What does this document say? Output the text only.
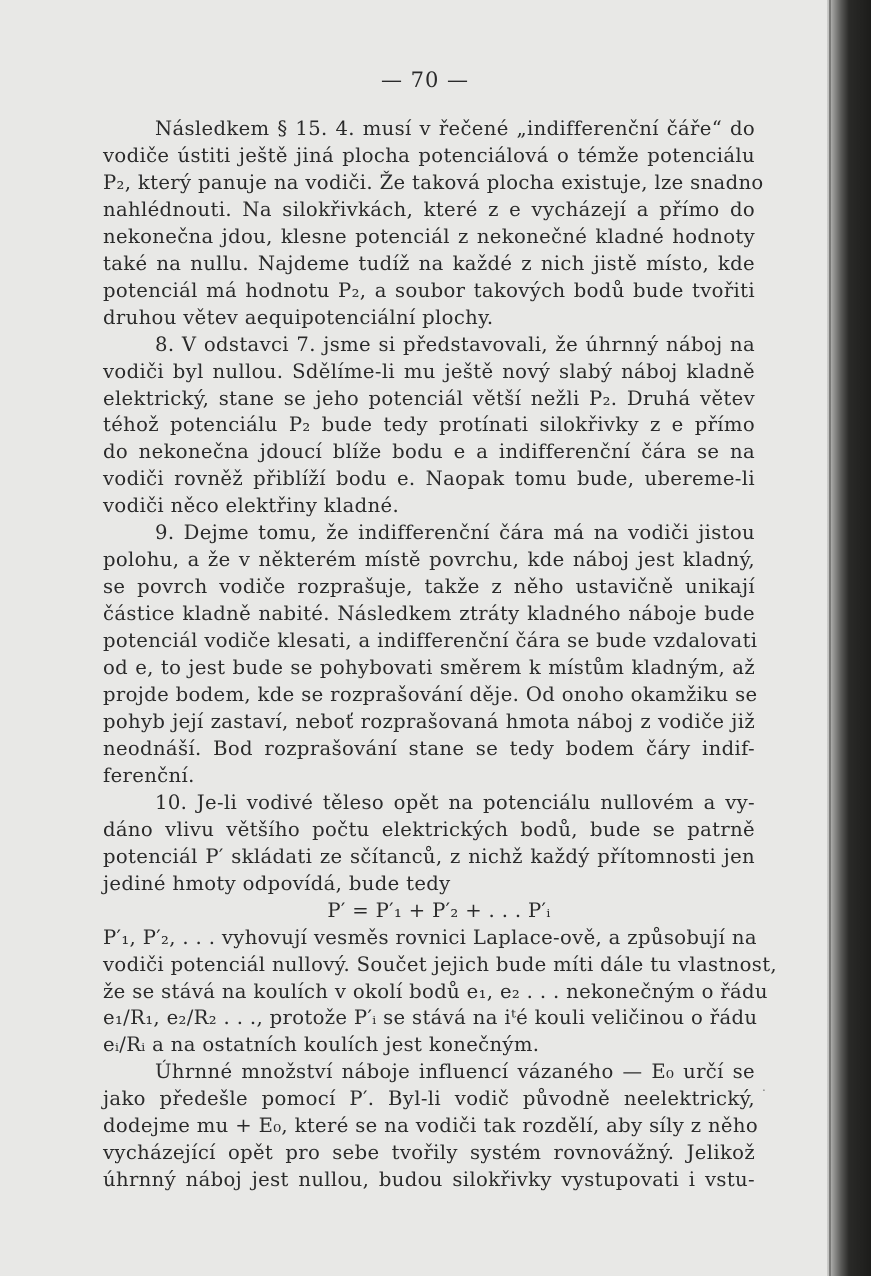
— 70 —
Následkem § 15. 4. musí v řečené „indifferenční čáře“ do
vodiče ústiti ještě jiná plocha potenciálová o témže potenciálu
P₂, který panuje na vodiči. Že taková plocha existuje, lze snadno
nahlédnouti. Na silokřivkách, které z e vycházejí a přímo do
nekonečna jdou, klesne potenciál z nekonečné kladné hodnoty
také na nullu. Najdeme tudíž na každé z nich jistě místo, kde
potenciál má hodnotu P₂, a soubor takových bodů bude tvořiti
druhou větev aequipotenciální plochy.
8. V odstavci 7. jsme si představovali, že úhrnný náboj na
vodiči byl nullou. Sdělíme-li mu ještě nový slabý náboj kladně
elektrický, stane se jeho potenciál větší nežli P₂. Druhá větev
téhož potenciálu P₂ bude tedy protínati silokřivky z e přímo
do nekonečna jdoucí blíže bodu e a indifferenční čára se na
vodiči rovněž přiblíží bodu e. Naopak tomu bude, ubereme-li
vodiči něco elektřiny kladné.
9. Dejme tomu, že indifferenční čára má na vodiči jistou
polohu, a že v některém místě povrchu, kde náboj jest kladný,
se povrch vodiče rozprašuje, takže z něho ustavičně unikají
částice kladně nabité. Následkem ztráty kladného náboje bude
potenciál vodiče klesati, a indifferenční čára se bude vzdalovati
od e, to jest bude se pohybovati směrem k místům kladným, až
projde bodem, kde se rozprašování děje. Od onoho okamžiku se
pohyb její zastaví, neboť rozprašovaná hmota náboj z vodiče již
neodnáší. Bod rozprašování stane se tedy bodem čáry indif-
ferenční.
10. Je-li vodivé těleso opět na potenciálu nullovém a vy-
dáno vlivu většího počtu elektrických bodů, bude se patrně
potenciál P′ skládati ze sčítanců, z nichž každý přítomnosti jen
jediné hmoty odpovídá, bude tedy
P′ = P′₁ + P′₂ + . . . P′ᵢ
P′₁, P′₂, . . . vyhovují vesměs rovnici Laplace-ově, a způsobují na
vodiči potenciál nullový. Součet jejich bude míti dále tu vlastnost,
že se stává na koulích v okolí bodů e₁, e₂ . . . nekonečným o řádu
e₁/R₁, e₂/R₂ . . ., protože P′ᵢ se stává na iᵗé kouli veličinou o řádu
eᵢ/Rᵢ a na ostatních koulích jest konečným.
Úhrnné množství náboje influencí vázaného — E₀ určí se
jako předešle pomocí P′. Byl-li vodič původně neelektrický,
dodejme mu + E₀, které se na vodiči tak rozdělí, aby síly z něho
vycházející opět pro sebe tvořily systém rovnovážný. Jelikož
úhrnný náboj jest nullou, budou silokřivky vystupovati i vstu-
.
